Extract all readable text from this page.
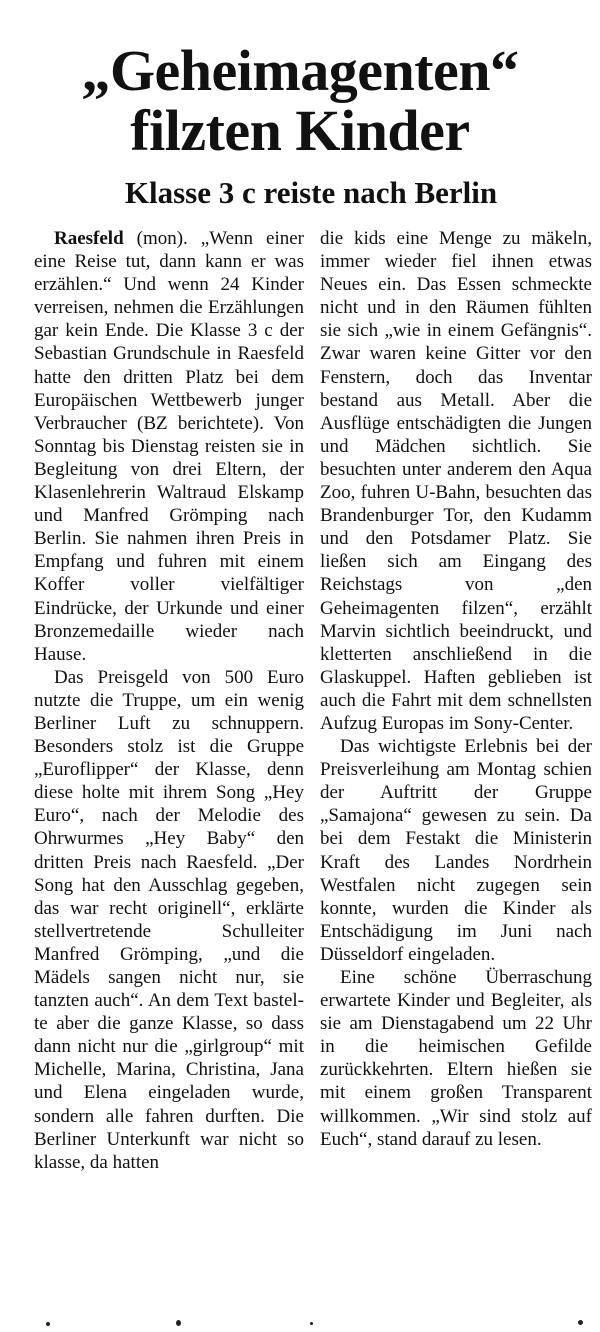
„Geheimagenten“
filzten Kinder
Klasse 3 c reiste nach Berlin

Raesfeld (mon). „Wenn einer eine Reise tut, dann kann er was erzählen.“ Und wenn 24 Kinder verreisen, nehmen die Erzählungen gar kein Ende. Die Klasse 3 c der Sebastian Grundschule in Raesfeld hatte den dritten Platz bei dem Europäischen Wettbewerb junger Verbraucher (BZ berichtete). Von Sonntag bis Dienstag reisten sie in Begleitung von drei Eltern, der Klasenlehrerin Waltraud Elskamp und Manfred Grömping nach Berlin. Sie nahmen ihren Preis in Empfang und fuhren mit einem Koffer voller vielfältiger Eindrücke, der Urkunde und einer Bronzemedaille wieder nach Hause.

Das Preisgeld von 500 Euro nutzte die Truppe, um ein wenig Berliner Luft zu schnuppern. Besonders stolz ist die Gruppe „Euroflipper“ der Klasse, denn diese holte mit ihrem Song „Hey Euro“, nach der Melodie des Ohrwurmes „Hey Baby“ den dritten Preis nach Raesfeld. „Der Song hat den Ausschlag gegeben, das war recht originell“, erklärte stellvertretende Schulleiter Manfred Grömping, „und die Mädels sangen nicht nur, sie tanzten auch“. An dem Text bastelte aber die ganze Klasse, so dass dann nicht nur die „girlgroup“ mit Michelle, Marina, Christina, Jana und Elena eingeladen wurde, sondern alle fahren durften. Die Berliner Unterkunft war nicht so klasse, da hatten

die kids eine Menge zu mäkeln, immer wieder fiel ihnen etwas Neues ein. Das Essen schmeckte nicht und in den Räumen fühlten sie sich „wie in einem Gefängnis“. Zwar waren keine Gitter vor den Fenstern, doch das Inventar bestand aus Metall. Aber die Ausflüge entschädigten die Jungen und Mädchen sichtlich. Sie besuchten unter anderem den Aqua Zoo, fuhren U-Bahn, besuchten das Brandenburger Tor, den Kudamm und den Potsdamer Platz. Sie ließen sich am Eingang des Reichstags von „den Geheimagenten filzen“, erzählt Marvin sichtlich beeindruckt, und kletterten anschließend in die Glaskuppel. Haften geblieben ist auch die Fahrt mit dem schnellsten Aufzug Europas im Sony-Center.

Das wichtigste Erlebnis bei der Preisverleihung am Montag schien der Auftritt der Gruppe „Samajona“ gewesen zu sein. Da bei dem Festakt die Ministerin Kraft des Landes Nordrhein Westfalen nicht zugegen sein konnte, wurden die Kinder als Entschädigung im Juni nach Düsseldorf eingeladen.

Eine schöne Überraschung erwartete Kinder und Begleiter, als sie am Dienstagabend um 22 Uhr in die heimischen Gefilde zurückkehrten. Eltern hießen sie mit einem großen Transparent willkommen. „Wir sind stolz auf Euch“, stand darauf zu lesen.
